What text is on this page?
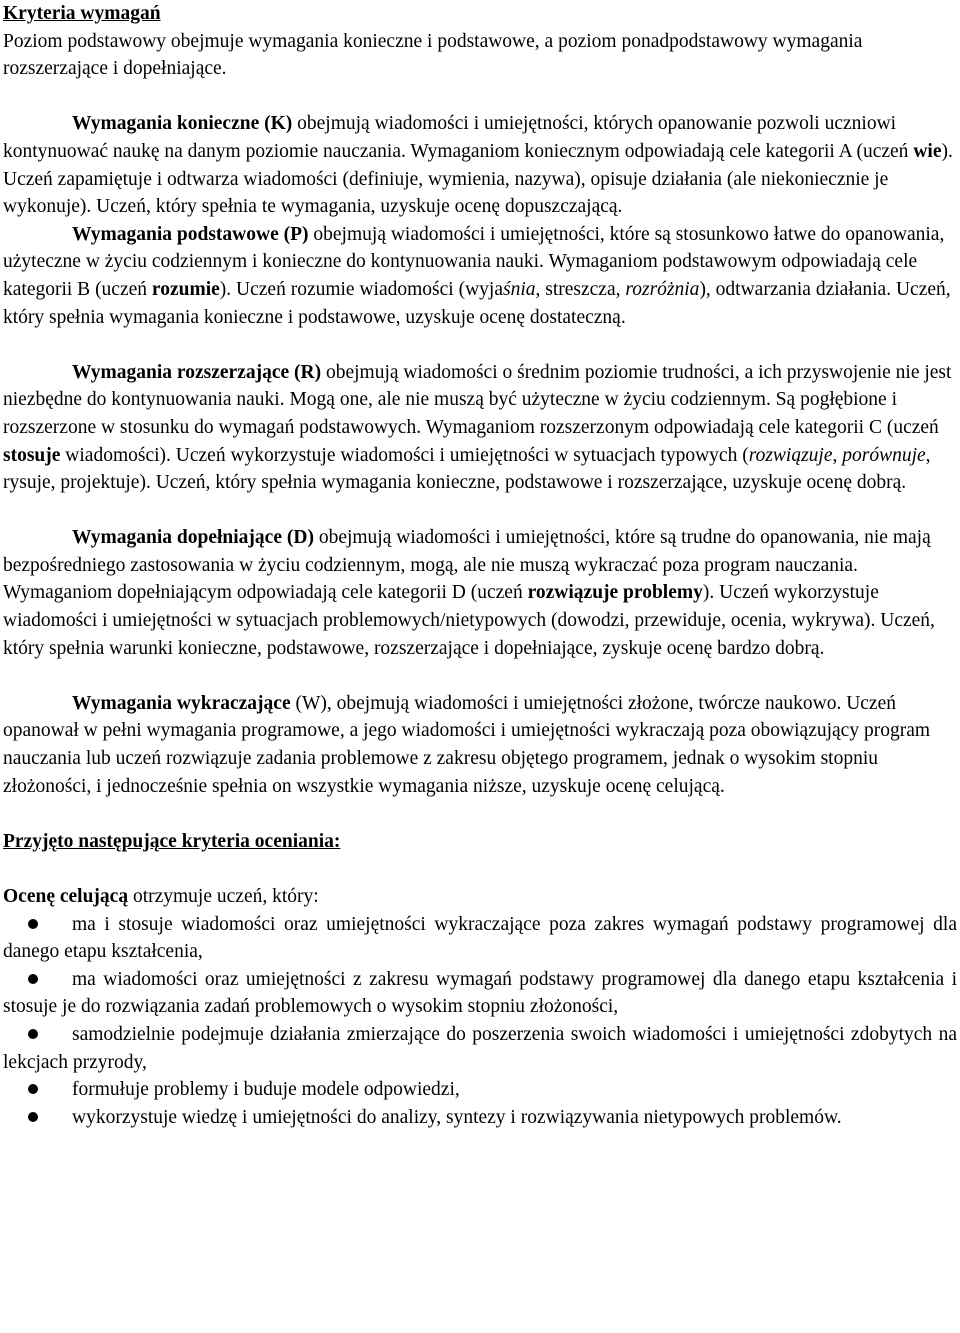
Kryteria wymagań

Poziom podstawowy obejmuje wymagania konieczne i podstawowe, a poziom ponadpodstawowy wymagania rozszerzające i dopełniające.

Wymagania konieczne (K) obejmują wiadomości i umiejętności, których opanowanie pozwoli uczniowi kontynuować naukę na danym poziomie nauczania. Wymaganiom koniecznym odpowiadają cele kategorii A (uczeń wie). Uczeń zapamiętuje i odtwarza wiadomości (definiuje, wymienia, nazywa), opisuje działania (ale niekoniecznie je wykonuje). Uczeń, który spełnia te wymagania, uzyskuje ocenę dopuszczającą.

Wymagania podstawowe (P) obejmują wiadomości i umiejętności, które są stosunkowo łatwe do opanowania, użyteczne w życiu codziennym i konieczne do kontynuowania nauki. Wymaganiom podstawowym odpowiadają cele kategorii B (uczeń rozumie). Uczeń rozumie wiadomości (wyjaśnia, streszcza, rozróżnia), odtwarzania działania. Uczeń, który spełnia wymagania konieczne i podstawowe, uzyskuje ocenę dostateczną.

Wymagania rozszerzające (R) obejmują wiadomości o średnim poziomie trudności, a ich przyswojenie nie jest niezbędne do kontynuowania nauki. Mogą one, ale nie muszą być użyteczne w życiu codziennym. Są pogłębione i rozszerzone w stosunku do wymagań podstawowych. Wymaganiom rozszerzonym odpowiadają cele kategorii C (uczeń stosuje wiadomości). Uczeń wykorzystuje wiadomości i umiejętności w sytuacjach typowych (rozwiązuje, porównuje, rysuje, projektuje). Uczeń, który spełnia wymagania konieczne, podstawowe i rozszerzające, uzyskuje ocenę dobrą.

Wymagania dopełniające (D) obejmują wiadomości i umiejętności, które są trudne do opanowania, nie mają bezpośredniego zastosowania w życiu codziennym, mogą, ale nie muszą wykraczać poza program nauczania. Wymaganiom dopełniającym odpowiadają cele kategorii D (uczeń rozwiązuje problemy). Uczeń wykorzystuje wiadomości i umiejętności w sytuacjach problemowych/nietypowych (dowodzi, przewiduje, ocenia, wykrywa). Uczeń, który spełnia warunki konieczne, podstawowe, rozszerzające i dopełniające, zyskuje ocenę bardzo dobrą.

Wymagania wykraczające (W), obejmują wiadomości i umiejętności złożone, twórcze naukowo. Uczeń opanował w pełni wymagania programowe, a jego wiadomości i umiejętności wykraczają poza obowiązujący program nauczania lub uczeń rozwiązuje zadania problemowe z zakresu objętego programem, jednak o wysokim stopniu złożoności, i jednocześnie spełnia on wszystkie wymagania niższe, uzyskuje ocenę celującą.

Przyjęto następujące kryteria oceniania:

Ocenę celującą otrzymuje uczeń, który:

ma i stosuje wiadomości oraz umiejętności wykraczające poza zakres wymagań podstawy programowej dla danego etapu kształcenia,
ma wiadomości oraz umiejętności z zakresu wymagań podstawy programowej dla danego etapu kształcenia i stosuje je do rozwiązania zadań problemowych o wysokim stopniu złożoności,
samodzielnie podejmuje działania zmierzające do poszerzenia swoich wiadomości i umiejętności zdobytych na lekcjach przyrody,
formułuje problemy i buduje modele odpowiedzi,
wykorzystuje wiedzę i umiejętności do analizy, syntezy i rozwiązywania nietypowych problemów.
